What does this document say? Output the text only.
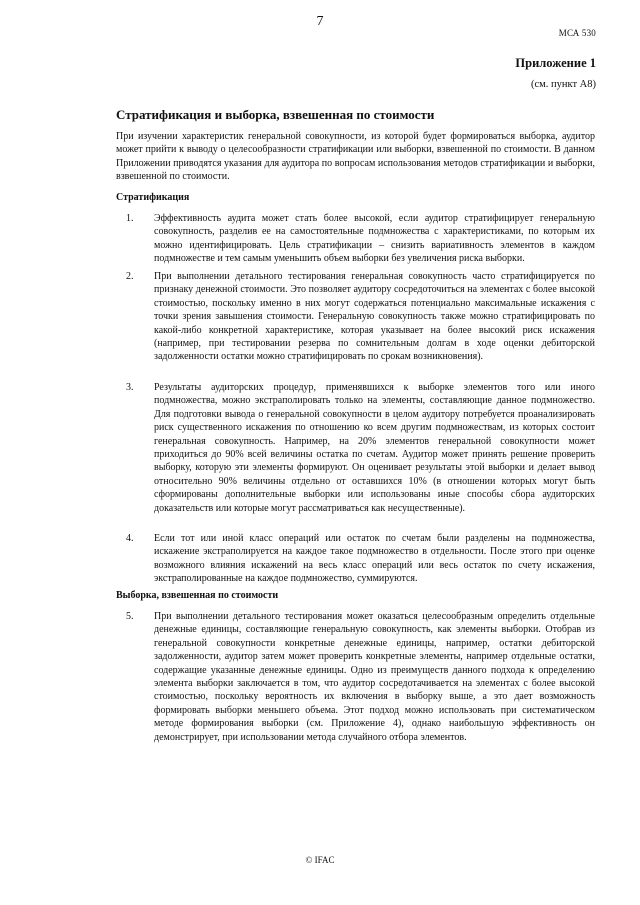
7
МСА 530
Приложение 1
(см. пункт А8)
Стратификация и выборка, взвешенная по стоимости

При изучении характеристик генеральной совокупности, из которой будет формироваться выборка, аудитор может прийти к выводу о целесообразности стратификации или выборки, взвешенной по стоимости. В данном Приложении приводятся указания для аудитора по вопросам использования методов стратификации и выборки, взвешенной по стоимости.

Стратификация
1.	Эффективность аудита может стать более высокой, если аудитор стратифицирует генеральную совокупность, разделив ее на самостоятельные подмножества с характеристиками, по которым их можно идентифицировать. Цель стратификации – снизить вариативность элементов в каждом подмножестве и тем самым уменьшить объем выборки без увеличения риска выборки.

2.	При выполнении детального тестирования генеральная совокупность часто стратифицируется по признаку денежной стоимости. Это позволяет аудитору сосредоточиться на элементах с более высокой стоимостью, поскольку именно в них могут содержаться потенциально максимальные искажения с точки зрения завышения стоимости. Генеральную совокупность также можно стратифицировать по какой-либо конкретной характеристике, которая указывает на более высокий риск искажения (например, при тестировании резерва по сомнительным долгам в ходе оценки дебиторской задолженности остатки можно стратифицировать по срокам возникновения).

3.	Результаты аудиторских процедур, применявшихся к выборке элементов того или иного подмножества, можно экстраполировать только на элементы, составляющие данное подмножество. Для подготовки вывода о генеральной совокупности в целом аудитору потребуется проанализировать риск существенного искажения по отношению ко всем другим подмножествам, из которых состоит генеральная совокупность. Например, на 20% элементов генеральной совокупности может приходиться до 90% всей величины остатка по счетам. Аудитор может принять решение проверить выборку, которую эти элементы формируют. Он оценивает результаты этой выборки и делает вывод относительно 90% величины отдельно от оставшихся 10% (в отношении которых могут быть сформированы дополнительные выборки или использованы иные способы сбора аудиторских доказательств или которые могут рассматриваться как несущественные).

4.	Если тот или иной класс операций или остаток по счетам были разделены на подмножества, искажение экстраполируется на каждое такое подмножество в отдельности. После этого при оценке возможного влияния искажений на весь класс операций или весь остаток по счету искажения, экстраполированные на каждое подмножество, суммируются.

Выборка, взвешенная по стоимости
5.	При выполнении детального тестирования может оказаться целесообразным определить отдельные денежные единицы, составляющие генеральную совокупность, как элементы выборки. Отобрав из генеральной совокупности конкретные денежные единицы, например, остатки дебиторской задолженности, аудитор затем может проверить конкретные элементы, например отдельные остатки, содержащие указанные денежные единицы. Одно из преимуществ данного подхода к определению элемента выборки заключается в том, что аудитор сосредотачивается на элементах с более высокой стоимостью, поскольку вероятность их включения в выборку выше, а это дает возможность формировать выборки меньшего объема. Этот подход можно использовать при систематическом методе формирования выборки (см. Приложение 4), однако наибольшую эффективность он демонстрирует, при использовании метода случайного отбора элементов.

© IFAC
